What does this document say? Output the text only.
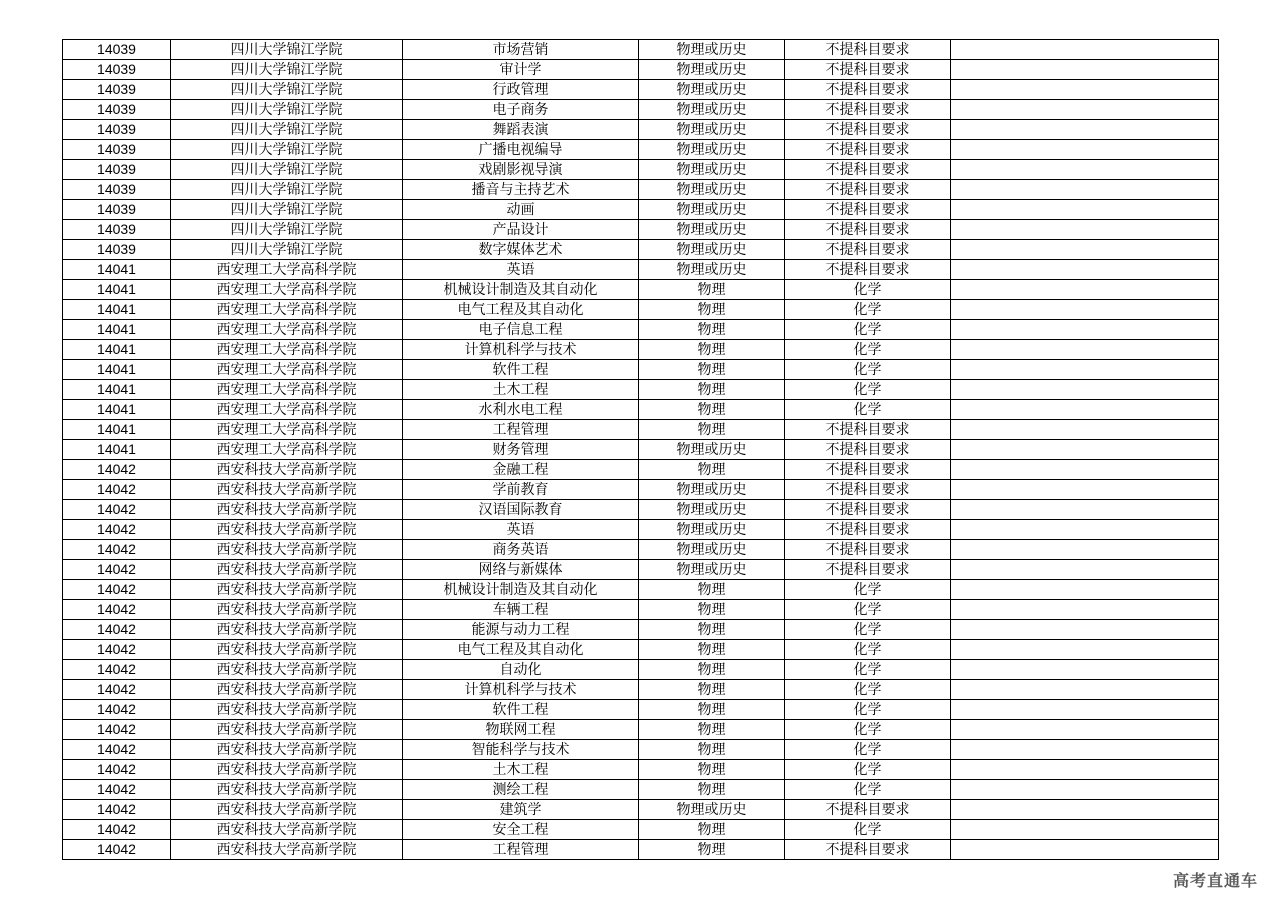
14039	四川大学锦江学院	市场营销	物理或历史	不提科目要求	
14039	四川大学锦江学院	审计学	物理或历史	不提科目要求	
14039	四川大学锦江学院	行政管理	物理或历史	不提科目要求	
14039	四川大学锦江学院	电子商务	物理或历史	不提科目要求	
14039	四川大学锦江学院	舞蹈表演	物理或历史	不提科目要求	
14039	四川大学锦江学院	广播电视编导	物理或历史	不提科目要求	
14039	四川大学锦江学院	戏剧影视导演	物理或历史	不提科目要求	
14039	四川大学锦江学院	播音与主持艺术	物理或历史	不提科目要求	
14039	四川大学锦江学院	动画	物理或历史	不提科目要求	
14039	四川大学锦江学院	产品设计	物理或历史	不提科目要求	
14039	四川大学锦江学院	数字媒体艺术	物理或历史	不提科目要求	
14041	西安理工大学高科学院	英语	物理或历史	不提科目要求	
14041	西安理工大学高科学院	机械设计制造及其自动化	物理	化学	
14041	西安理工大学高科学院	电气工程及其自动化	物理	化学	
14041	西安理工大学高科学院	电子信息工程	物理	化学	
14041	西安理工大学高科学院	计算机科学与技术	物理	化学	
14041	西安理工大学高科学院	软件工程	物理	化学	
14041	西安理工大学高科学院	土木工程	物理	化学	
14041	西安理工大学高科学院	水利水电工程	物理	化学	
14041	西安理工大学高科学院	工程管理	物理	不提科目要求	
14041	西安理工大学高科学院	财务管理	物理或历史	不提科目要求	
14042	西安科技大学高新学院	金融工程	物理	不提科目要求	
14042	西安科技大学高新学院	学前教育	物理或历史	不提科目要求	
14042	西安科技大学高新学院	汉语国际教育	物理或历史	不提科目要求	
14042	西安科技大学高新学院	英语	物理或历史	不提科目要求	
14042	西安科技大学高新学院	商务英语	物理或历史	不提科目要求	
14042	西安科技大学高新学院	网络与新媒体	物理或历史	不提科目要求	
14042	西安科技大学高新学院	机械设计制造及其自动化	物理	化学	
14042	西安科技大学高新学院	车辆工程	物理	化学	
14042	西安科技大学高新学院	能源与动力工程	物理	化学	
14042	西安科技大学高新学院	电气工程及其自动化	物理	化学	
14042	西安科技大学高新学院	自动化	物理	化学	
14042	西安科技大学高新学院	计算机科学与技术	物理	化学	
14042	西安科技大学高新学院	软件工程	物理	化学	
14042	西安科技大学高新学院	物联网工程	物理	化学	
14042	西安科技大学高新学院	智能科学与技术	物理	化学	
14042	西安科技大学高新学院	土木工程	物理	化学	
14042	西安科技大学高新学院	测绘工程	物理	化学	
14042	西安科技大学高新学院	建筑学	物理或历史	不提科目要求	
14042	西安科技大学高新学院	安全工程	物理	化学	
14042	西安科技大学高新学院	工程管理	物理	不提科目要求	
高考直通车
